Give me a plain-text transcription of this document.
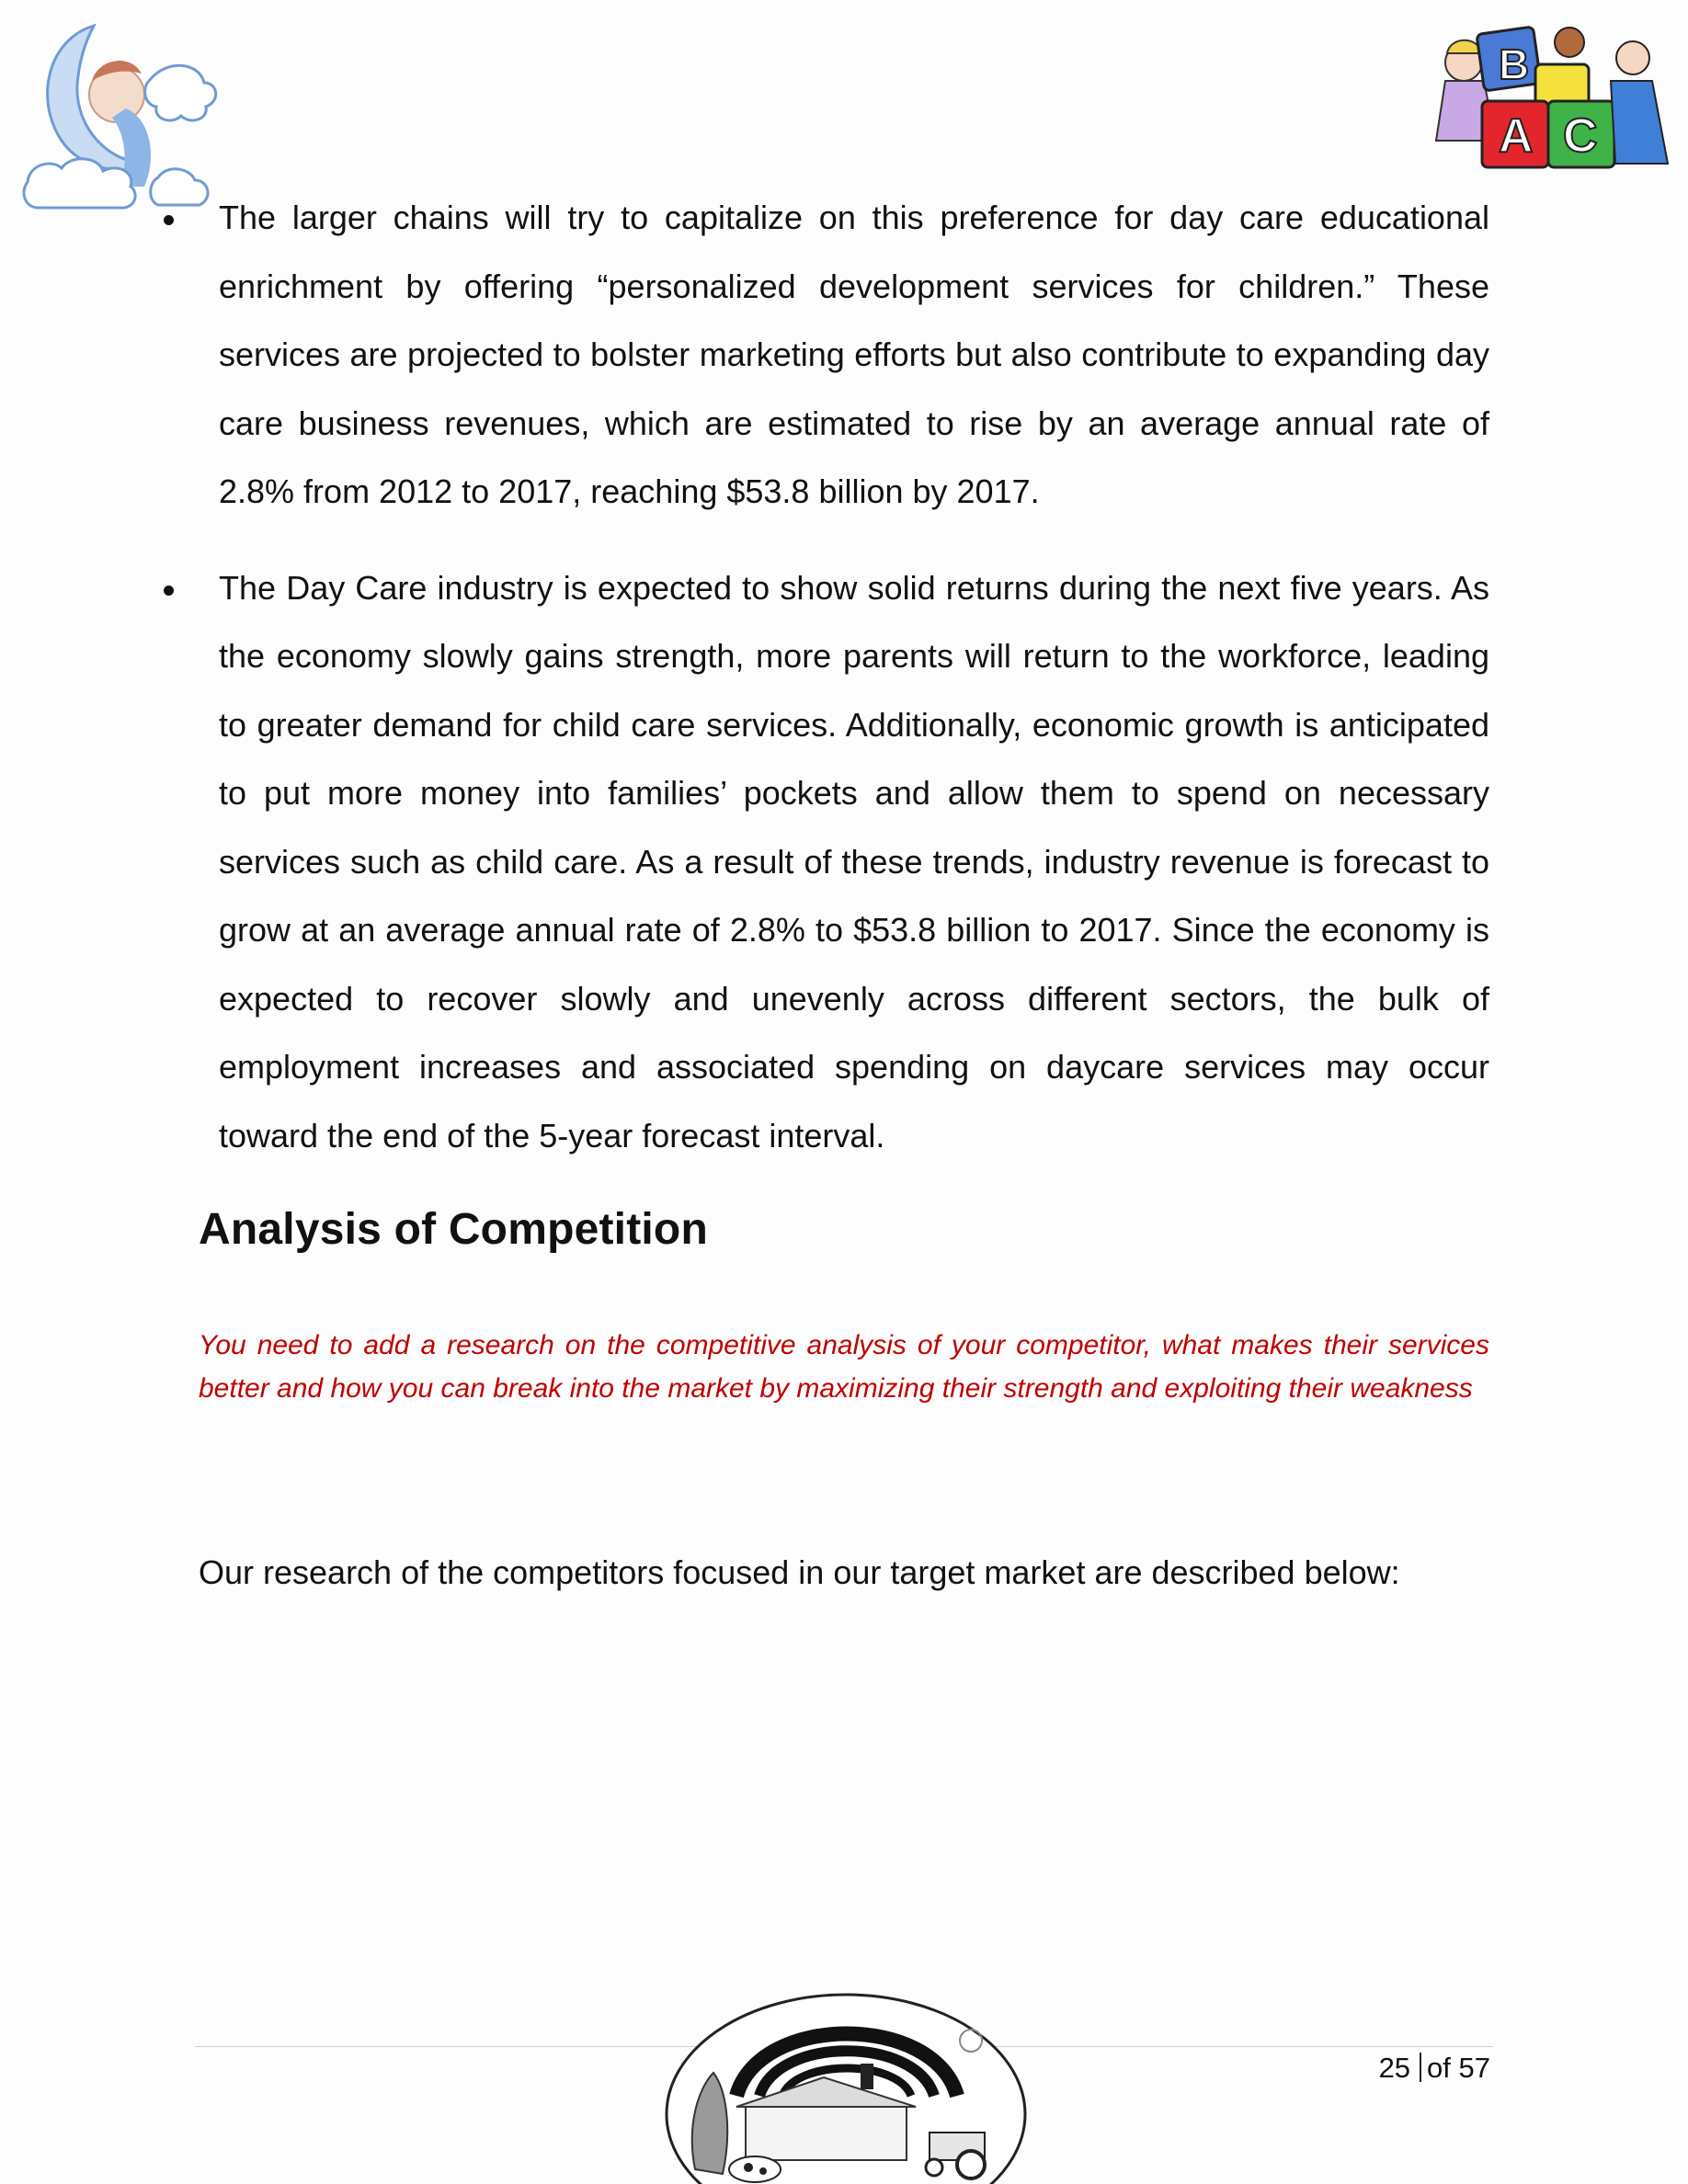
B
A C
The larger chains will try to capitalize on this preference for day care educational enrichment by offering “personalized development services for children.” These services are projected to bolster marketing efforts but also contribute to expanding day care business revenues, which are estimated to rise by an average annual rate of 2.8% from 2012 to 2017, reaching $53.8 billion by 2017.
The Day Care industry is expected to show solid returns during the next five years. As the economy slowly gains strength, more parents will return to the workforce, leading to greater demand for child care services. Additionally, economic growth is anticipated to put more money into families’ pockets and allow them to spend on necessary services such as child care. As a result of these trends, industry revenue is forecast to grow at an average annual rate of 2.8% to $53.8 billion to 2017. Since the economy is expected to recover slowly and unevenly across different sectors, the bulk of employment increases and associated spending on daycare services may occur toward the end of the 5-year forecast interval.
Analysis of Competition

You need to add a research on the competitive analysis of your competitor, what makes their services better and how you can break into the market by maximizing their strength and exploiting their weakness

Our research of the competitors focused in our target market are described below:

25 of 57
